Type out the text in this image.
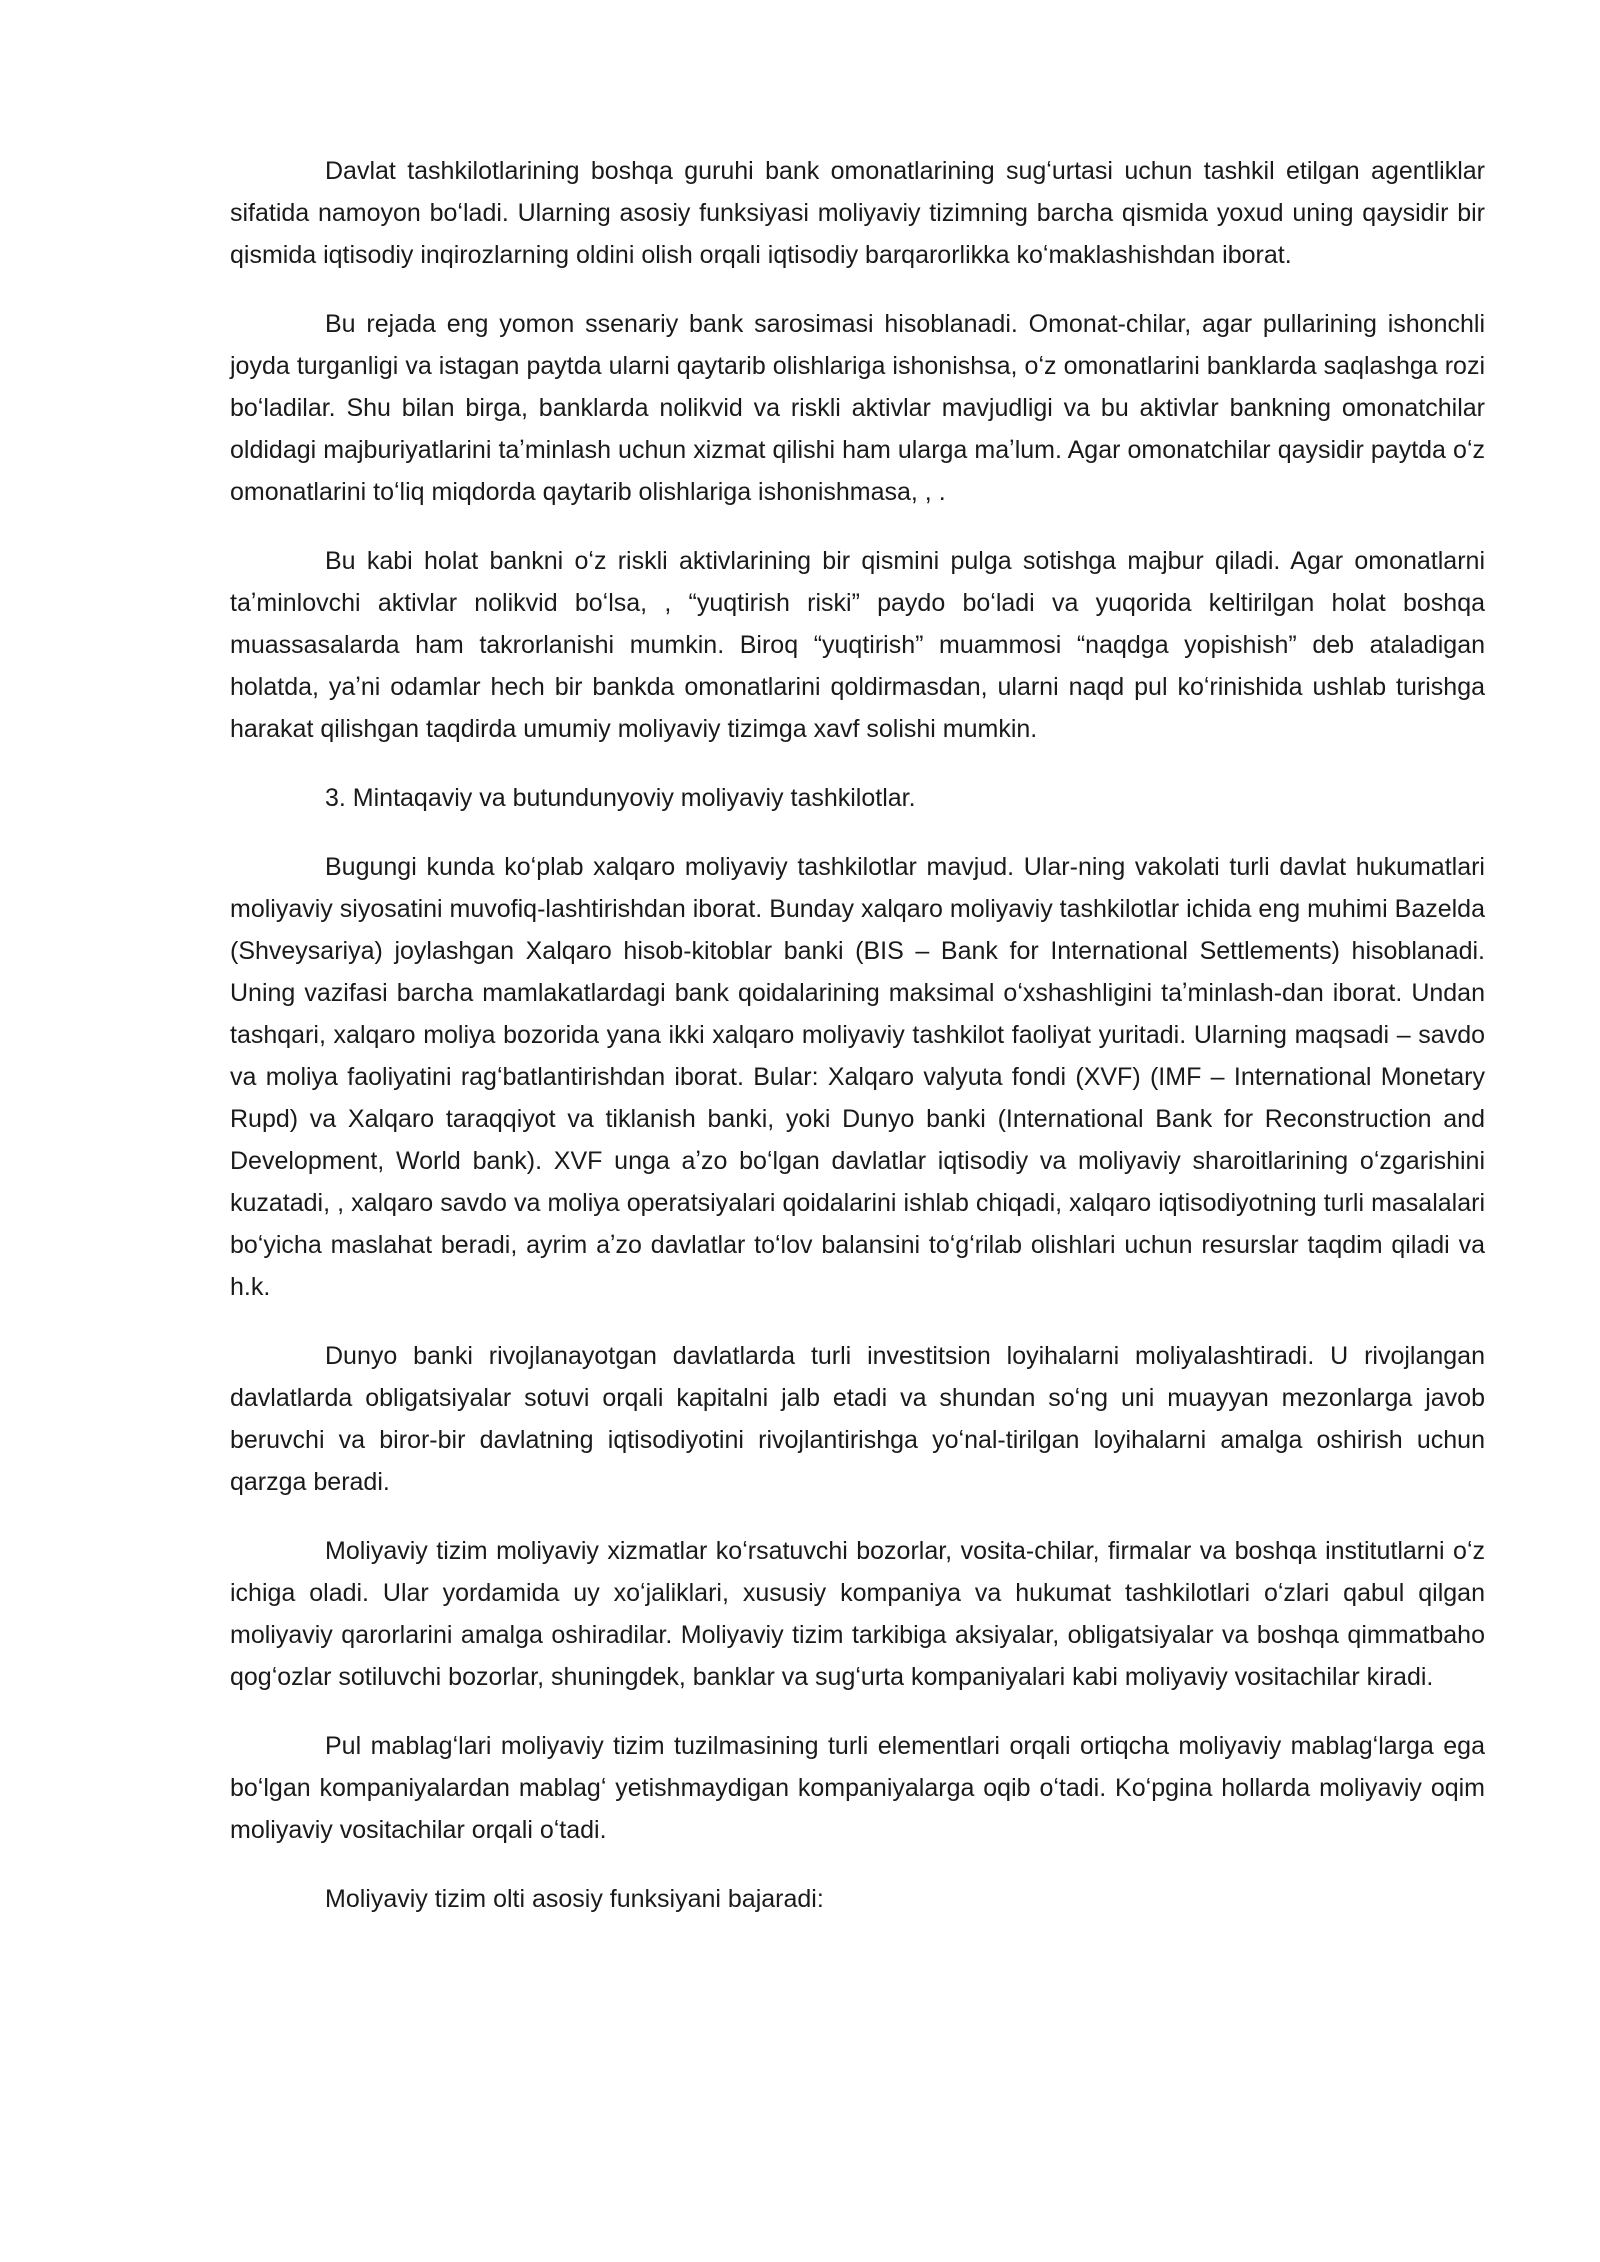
Davlat tashkilotlarining boshqa guruhi bank omonatlarining sugʻurtasi uchun tashkil etilgan agentliklar sifatida namoyon boʻladi. Ularning asosiy funksiyasi moliyaviy tizimning barcha qismida yoxud uning qaysidir bir qismida iqtisodiy inqirozlarning oldini olish orqali iqtisodiy barqarorlikka koʻmaklashishdan iborat.

Bu rejada eng yomon ssenariy bank sarosimasi hisoblanadi. Omonat-chilar, agar pullarining ishonchli joyda turganligi va istagan paytda ularni qaytarib olishlariga ishonishsa, oʻz omonatlarini banklarda saqlashga rozi boʻladilar. Shu bilan birga, banklarda nolikvid va riskli aktivlar mavjudligi va bu aktivlar bankning omonatchilar oldidagi majburiyatlarini taʼminlash uchun xizmat qilishi ham ularga maʼlum. Agar omonatchilar qaysidir paytda oʻz omonatlarini toʻliq miqdorda qaytarib olishlariga ishonishmasa, , .

Bu kabi holat bankni oʻz riskli aktivlarining bir qismini pulga sotishga majbur qiladi. Agar omonatlarni taʼminlovchi aktivlar nolikvid boʻlsa, , “yuqtirish riski” paydo boʻladi va yuqorida keltirilgan holat boshqa muassasalarda ham takrorlanishi mumkin. Biroq “yuqtirish” muammosi “naqdga yopishish” deb ataladigan holatda, yaʼni odamlar hech bir bankda omonatlarini qoldirmasdan, ularni naqd pul koʻrinishida ushlab turishga harakat qilishgan taqdirda umumiy moliyaviy tizimga xavf solishi mumkin.

3. Mintaqaviy va butundunyoviy moliyaviy tashkilotlar.

Bugungi kunda koʻplab xalqaro moliyaviy tashkilotlar mavjud. Ular-ning vakolati turli davlat hukumatlari moliyaviy siyosatini muvofiq-lashtirishdan iborat. Bunday xalqaro moliyaviy tashkilotlar ichida eng muhimi Bazelda (Shveysariya) joylashgan Xalqaro hisob-kitoblar banki (BIS – Bank for International Settlements) hisoblanadi. Uning vazifasi barcha mamlakatlardagi bank qoidalarining maksimal oʻxshashligini taʼminlash-dan iborat. Undan tashqari, xalqaro moliya bozorida yana ikki xalqaro moliyaviy tashkilot faoliyat yuritadi. Ularning maqsadi – savdo va moliya faoliyatini ragʻbatlantirishdan iborat. Bular: Xalqaro valyuta fondi (XVF) (IMF – International Monetary Rupd) va Xalqaro taraqqiyot va tiklanish banki, yoki Dunyo banki (International Bank for Reconstruction and Development, World bank). XVF unga aʼzo boʻlgan davlatlar iqtisodiy va moliyaviy sharoitlarining oʻzgarishini kuzatadi, , xalqaro savdo va moliya operatsiyalari qoidalarini ishlab chiqadi, xalqaro iqtisodiyotning turli masalalari boʻyicha maslahat beradi, ayrim aʼzo davlatlar toʻlov balansini toʻgʻrilab olishlari uchun resurslar taqdim qiladi va h.k.

Dunyo banki rivojlanayotgan davlatlarda turli investitsion loyihalarni moliyalashtiradi. U rivojlangan davlatlarda obligatsiyalar sotuvi orqali kapitalni jalb etadi va shundan soʻng uni muayyan mezonlarga javob beruvchi va biror-bir davlatning iqtisodiyotini rivojlantirishga yoʻnal-tirilgan loyihalarni amalga oshirish uchun qarzga beradi.

Moliyaviy tizim moliyaviy xizmatlar koʻrsatuvchi bozorlar, vosita-chilar, firmalar va boshqa institutlarni oʻz ichiga oladi. Ular yordamida uy xoʻjaliklari, xususiy kompaniya va hukumat tashkilotlari oʻzlari qabul qilgan moliyaviy qarorlarini amalga oshiradilar. Moliyaviy tizim tarkibiga aksiyalar, obligatsiyalar va boshqa qimmatbaho qogʻozlar sotiluvchi bozorlar, shuningdek, banklar va sugʻurta kompaniyalari kabi moliyaviy vositachilar kiradi.

Pul mablagʻlari moliyaviy tizim tuzilmasining turli elementlari orqali ortiqcha moliyaviy mablagʻlarga ega boʻlgan kompaniyalardan mablagʻ yetishmaydigan kompaniyalarga oqib oʻtadi. Koʻpgina hollarda moliyaviy oqim moliyaviy vositachilar orqali oʻtadi.

Moliyaviy tizim olti asosiy funksiyani bajaradi:
